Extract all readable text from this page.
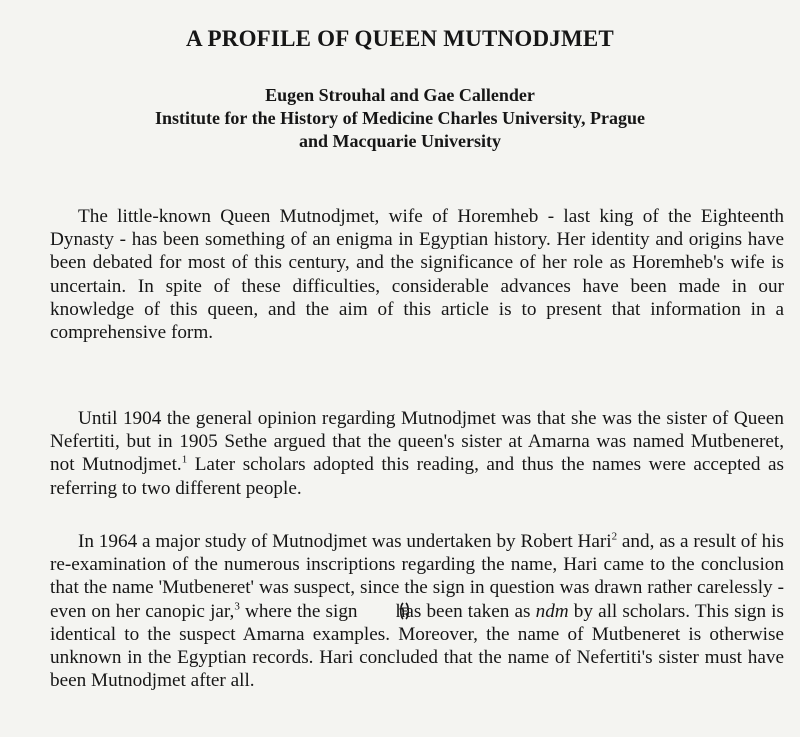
A PROFILE OF QUEEN MUTNODJMET
Eugen Strouhal and Gae Callender
Institute for the History of Medicine Charles University, Prague
and Macquarie University
The little-known Queen Mutnodjmet, wife of Horemheb - last king of the Eighteenth Dynasty - has been something of an enigma in Egyptian history. Her identity and origins have been debated for most of this century, and the significance of her role as Horemheb's wife is uncertain. In spite of these difficulties, considerable advances have been made in our knowledge of this queen, and the aim of this article is to present that information in a comprehensive form.
Until 1904 the general opinion regarding Mutnodjmet was that she was the sister of Queen Nefertiti, but in 1905 Sethe argued that the queen's sister at Amarna was named Mutbeneret, not Mutnodjmet.$^1$ Later scholars adopted this reading, and thus the names were accepted as referring to two different people.
In 1964 a major study of Mutnodjmet was undertaken by Robert Hari$^2$ and, as a result of his re-examination of the numerous inscriptions regarding the name, Hari came to the conclusion that the name 'Mutbeneret' was suspect, since the sign in question was drawn rather carelessly - even on her canopic jar,$^3$ where the sign  has been taken as ndm by all scholars. This sign is identical to the suspect Amarna examples. Moreover, the name of Mutbeneret is otherwise unknown in the Egyptian records. Hari concluded that the name of Nefertiti's sister must have been Mutnodjmet after all.
